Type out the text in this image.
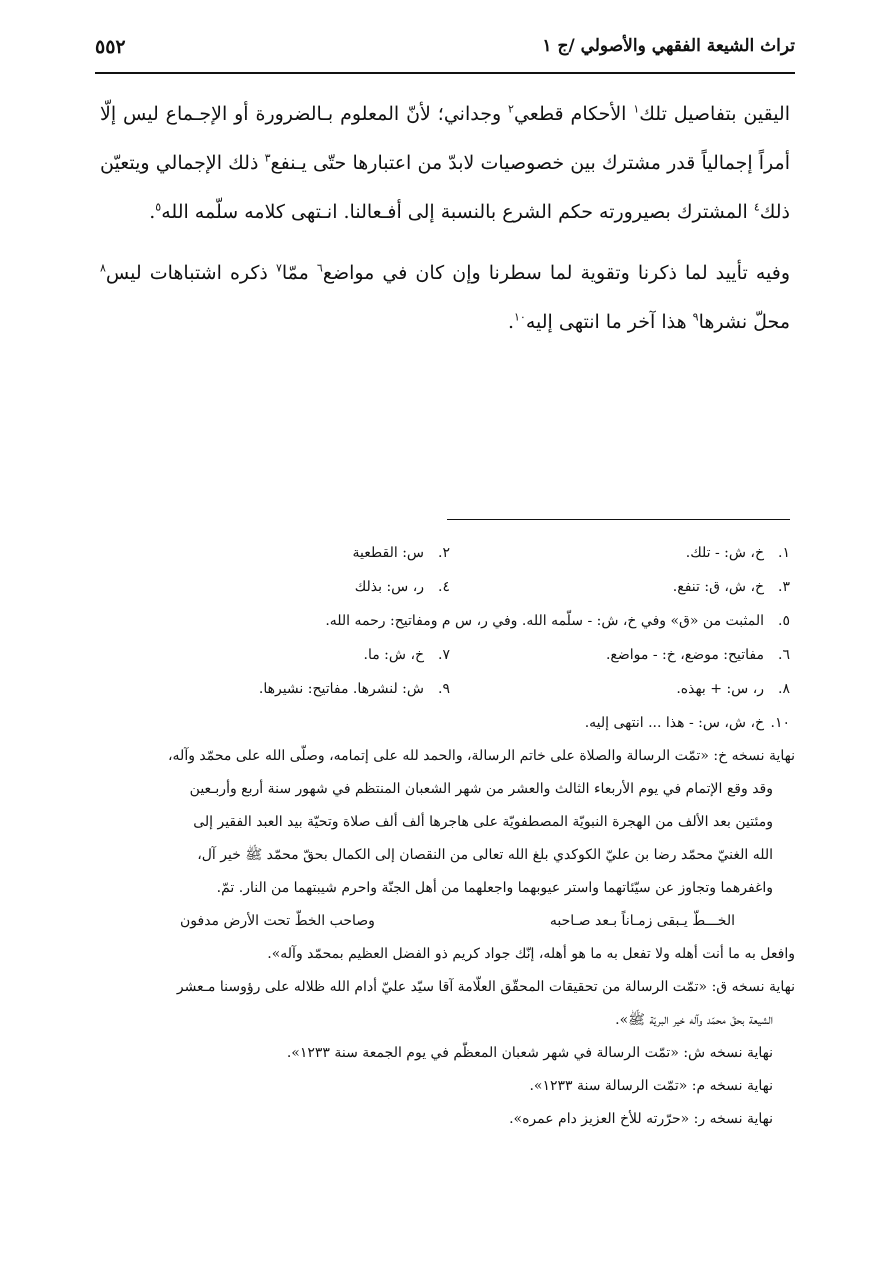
تراث الشيعة الفقهي والأصولي /ج ١
٥٥٢

اليقين بتفاصيل تلك$^١$ الأحكام قطعي$^٢$ وجداني؛ لأنّ المعلوم بـالضرورة أو الإجـماع ليس إلّا أمراً إجمالياً قدر مشترك بين خصوصيات لابدّ من اعتبارها حتّى يـنفع$^٣$ ذلك الإجمالي ويتعيّن ذلك$^٤$ المشترك بصيرورته حكم الشرع بالنسبة إلى أفـعالنا. انـتهى كلامه سلّمه الله$^٥$.

وفيه تأييد لما ذكرنا وتقوية لما سطرنا وإن كان في مواضع$^٦$ ممّا$^٧$ ذكره اشتباهات ليس$^٨$ محلّ نشرها$^٩$ هذا آخر ما انتهى إليه$^{١٠}$.

١.خ، ش: - تلك.
٢.س: القطعية
٣.خ، ش، ق: تنفع.
٤.ر، س: بذلك
٥.المثبت من «ق» وفي خ، ش: - سلّمه الله. وفي ر، س م ومفاتيح: رحمه الله.
٦.مفاتيح: موضع، خ: - مواضع.
٧.خ، ش: ما.
٨.ر، س: + بهذه.
٩.ش: لنشرها. مفاتيح: نشيرها.
١٠.خ، ش، س: - هذا ... انتهى إليه.

نهاية نسخه خ: «تمّت الرسالة والصلاة على خاتم الرسالة، والحمد لله على إتمامه، وصلّى الله على محمّد وآله،

وقد وقع الإتمام في يوم الأربعاء الثالث والعشر من شهر الشعبان المنتظم في شهور سنة أربع وأربـعين

ومئتين بعد الألف من الهجرة النبويّة المصطفويّة على هاجرها ألف ألف صلاة وتحيّة بيد العبد الفقير إلى

الله الغنيّ محمّد رضا بن عليّ الكوكدي بلغ الله تعالى من النقصان إلى الكمال بحقّ محمّد ﷺ خير آل،

واغفرهما وتجاوز عن سيّئاتهما واستر عيوبهما واجعلهما من أهل الجنّة واحرم شيبتهما من النار. تمّ.

الخـــطّ يـبقى زمـاناً بـعد صـاحبه
وصاحب الخطّ تحت الأرض مدفون

وافعل به ما أنت أهله ولا تفعل به ما هو أهله، إنّك جواد كريم ذو الفضل العظيم بمحمّد وآله».

نهاية نسخه ق: «تمّت الرسالة من تحقيقات المحقّق العلّامة آقا سيّد عليّ أدام الله ظلاله على رؤوسنا مـعشر

الشيعة بحقّ محمّد وآله خير البريّة ﷺ».

نهاية نسخه ش: «تمّت الرسالة في شهر شعبان المعظّم في يوم الجمعة سنة ١٢٣٣».

نهاية نسخه م: «تمّت الرسالة سنة ١٢٣٣».

نهاية نسخه ر: «حرّرته للأخ العزيز دام عمره».
